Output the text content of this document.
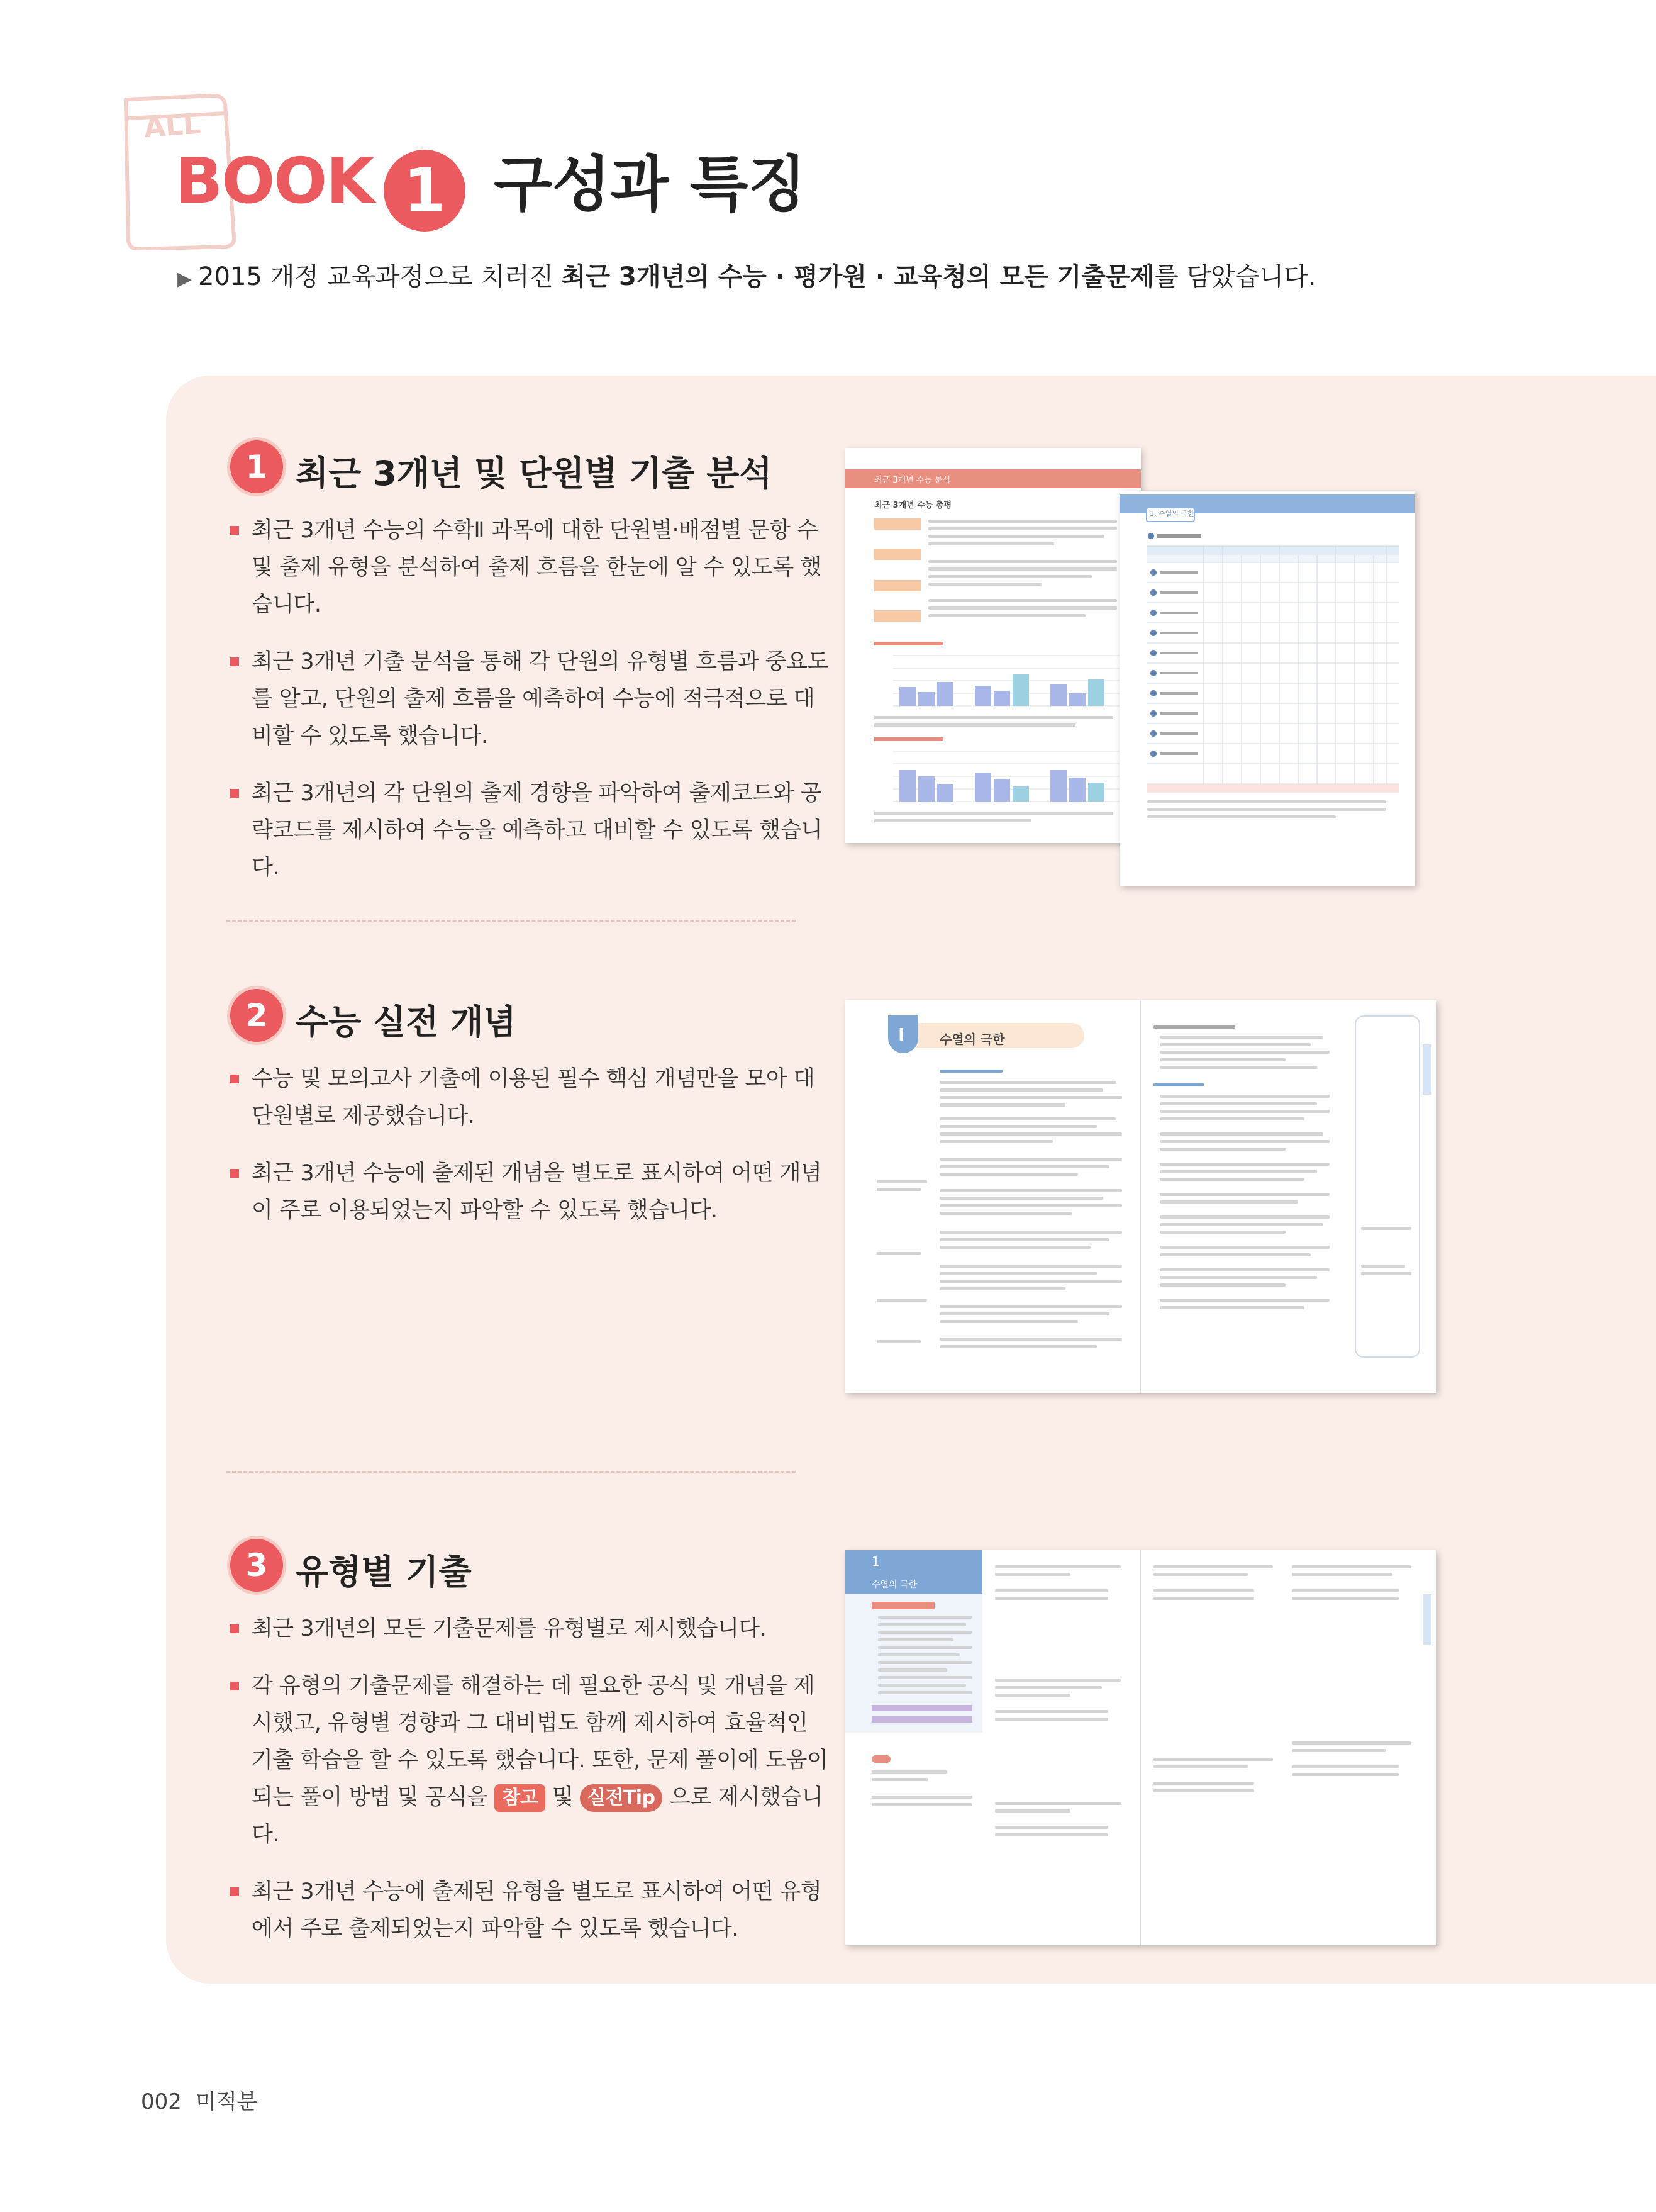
ALL
BOOK 1 구성과 특징
▶ 2015 개정 교육과정으로 치러진 최근 3개년의 수능 · 평가원 · 교육청의 모든 기출문제를 담았습니다.
1 최근 3개년 및 단원별 기출 분석
최근 3개년 수능의 수학Ⅱ 과목에 대한 단원별·배점별 문항 수 및 출제 유형을 분석하여 출제 흐름을 한눈에 알 수 있도록 했습니다.
최근 3개년 기출 분석을 통해 각 단원의 유형별 흐름과 중요도를 알고, 단원의 출제 흐름을 예측하여 수능에 적극적으로 대비할 수 있도록 했습니다.
최근 3개년의 각 단원의 출제 경향을 파악하여 출제코드와 공략코드를 제시하여 수능을 예측하고 대비할 수 있도록 했습니다.
2 수능 실전 개념
수능 및 모의고사 기출에 이용된 필수 핵심 개념만을 모아 대단원별로 제공했습니다.
최근 3개년 수능에 출제된 개념을 별도로 표시하여 어떤 개념이 주로 이용되었는지 파악할 수 있도록 했습니다.
3 유형별 기출
최근 3개년의 모든 기출문제를 유형별로 제시했습니다.
각 유형의 기출문제를 해결하는 데 필요한 공식 및 개념을 제시했고, 유형별 경향과 그 대비법도 함께 제시하여 효율적인 기출 학습을 할 수 있도록 했습니다. 또한, 문제 풀이에 도움이 되는 풀이 방법 및 공식을 참고 및 실전Tip 으로 제시했습니다.
최근 3개년 수능에 출제된 유형을 별도로 표시하여 어떤 유형에서 주로 출제되었는지 파악할 수 있도록 했습니다.
최근 3개년 수능 분석
최근 3개년 수능 총평
1. 수열의 극한
I	수열의 극한
1
수열의 극한
002 미적분
